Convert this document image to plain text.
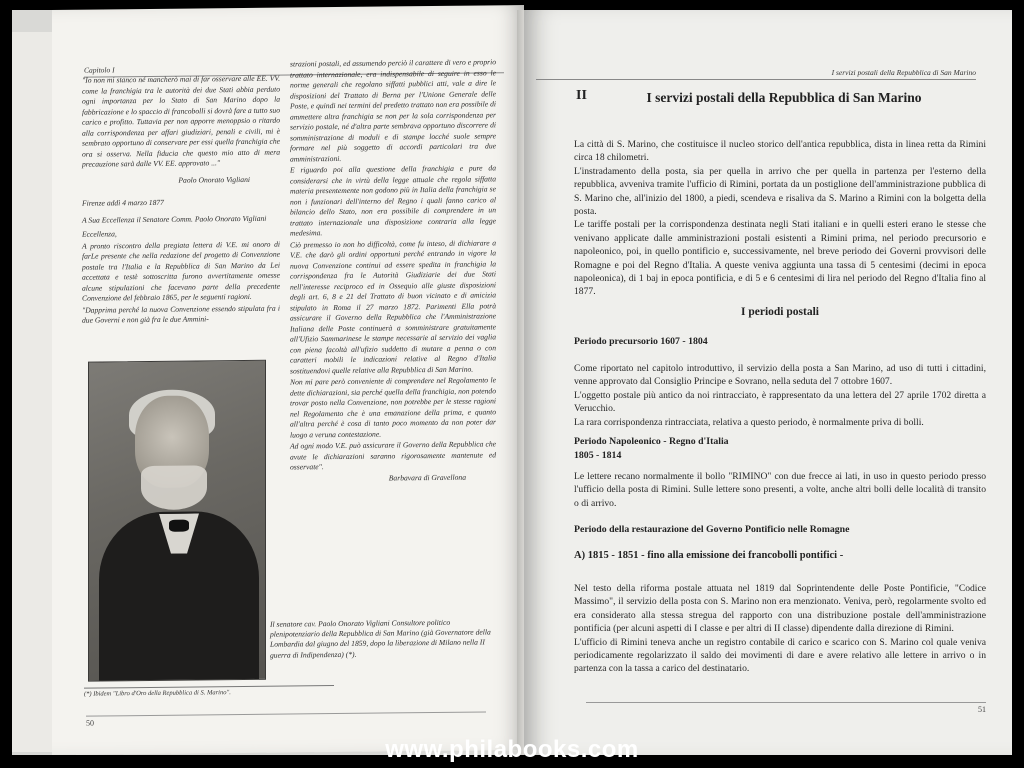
Capitolo I

"Io non mi stanco né mancherò mai di far osservare alle EE. VV. come la franchigia tra le autorità dei due Stati abbia perduto ogni importanza per lo Stato di San Marino dopo la fabbricazione e lo spaccio di francobolli si dovrà fare a tutto suo carico e profitto. Tuttavia per non apporre menoppsio o ritardo alla corrispondenza per affari giudiziari, penali e civili, mi è sembrato opportuno di conservare per essi quella franchigia che ora si osserva. Nella fiducia che questo mio atto di mera precauzione sarà dalle VV. EE. approvato ..."

Paolo Onorato Vigliani

Firenze addì 4 marzo 1877

A Sua Eccellenza il Senatore Comm. Paolo Onorato Vigliani

Eccellenza,

A pronto riscontro della pregiata lettera di V.E. mi onoro di farLe presente che nella redazione del progetto di Convenzione postale tra l'Italia e la Repubblica di San Marino da Lei accettata e testè sottoscritta furono avvertitamente omesse alcune stipulazioni che facevano parte della precedente Convenzione del febbraio 1865, per le seguenti ragioni.

"Dapprima perché la nuova Convenzione essendo stipulata fra i due Governi e non già fra le due Ammini-

strazioni postali, ed assumendo perciò il carattere di vero e proprio trattato internazionale, era indispensabile di seguire in esso le norme generali che regolano siffatti pubblici atti, vale a dire le disposizioni del Trattato di Berna per l'Unione Generale delle Poste, e quindi nei termini del predetto trattato non era possibile di ammettere altra franchigia se non per la sola corrispondenza per servizio postale, né d'altra parte sembrava opportuno discorrere di somministrazione di moduli e di stampe locché suole sempre formare nel più soggetto di accordi particolari tra due amministrazioni.

E riguardo poi alla questione della franchigia e pure da considerarsi che in virtù della legge attuale che regola siffatta materia presentemente non godono più in Italia della franchigia se non i funzionari dell'interno del Regno i quali fanno carico al bilancio dello Stato, non era possibile di comprendere in un trattato internazionale una disposizione contraria alla legge medesima.

Ciò premesso io non ho difficoltà, come fu inteso, di dichiarare a V.E. che darò gli ordini opportuni perché entrando in vigore la nuova Convenzione continui ad essere spedita in franchigia la corrispondenza fra le Autorità Giudiziarie dei due Stati nell'interesse reciproco ed in Ossequio alle giuste disposizioni degli art. 6, 8 e 21 del Trattato di buon vicinato e di amicizia stipulato in Roma il 27 marzo 1872. Parimenti Ella potrà assicurare il Governo della Repubblica che l'Amministrazione Italiana delle Poste continuerà a somministrare gratuitamente all'Ufizio Sammarinese le stampe necessarie al servizio dei vaglia con piena facoltà all'ufizio suddetto di mutare a penna o con caratteri mobili le indicazioni relative al Regno d'Italia sostituendovi quelle relative alla Repubblica di San Marino.

Non mi pare però conveniente di comprendere nel Regolamento le dette dichiarazioni, sia perché quella della franchigia, non potendo trovar posto nella Convenzione, non potrebbe per le stesse ragioni nel Regolamento che è una emanazione della prima, e quanto all'altra perché è cosa di tanto poco momento da non poter dar luogo a veruna contestazione.

Ad ogni modo V.E. può assicurare il Governo della Repubblica che avute le dichiarazioni saranno rigorosamente mantenute ed osservate".

Barbavara di Gravellona

Il senatore cav. Paolo Onorato Vigliani Consultore politico plenipotenziario della Repubblica di San Marino (già Governatore della Lombardia dal giugno del 1859, dopo la liberazione di Milano nella II guerra di Indipendenza) (*).
(*) Ibidem "Libro d'Oro della Repubblica di S. Marino".
50
I servizi postali della Repubblica di San Marino
II	I servizi postali della Repubblica di San Marino

La città di S. Marino, che costituisce il nucleo storico dell'antica repubblica, dista in linea retta da Rimini circa 18 chilometri.

L'instradamento della posta, sia per quella in arrivo che per quella in partenza per l'esterno della repubblica, avveniva tramite l'ufficio di Rimini, portata da un postiglione dell'amministrazione pubblica di S. Marino che, all'inizio del 1800, a piedi, scendeva e risaliva da S. Marino a Rimini con la bolgetta della posta.

Le tariffe postali per la corrispondenza destinata negli Stati italiani e in quelli esteri erano le stesse che venivano applicate dalle amministrazioni postali esistenti a Rimini prima, nel periodo precursorio e napoleonico, poi, in quello pontificio e, successivamente, nel breve periodo dei Governi provvisori delle Romagne e poi del Regno d'Italia. A queste veniva aggiunta una tassa di 5 centesimi (decimi in epoca napoleonica), di 1 baj in epoca pontificia, e di 5 e 6 centesimi di lira nel periodo del Regno d'Italia fino al 1877.

I periodi postali
Periodo precursorio 1607 - 1804

Come riportato nel capitolo introduttivo, il servizio della posta a San Marino, ad uso di tutti i cittadini, venne approvato dal Consiglio Principe e Sovrano, nella seduta del 7 ottobre 1607.

L'oggetto postale più antico da noi rintracciato, è rappresentato da una lettera del 27 aprile 1702 diretta a Verucchio.

La rara corrispondenza rintracciata, relativa a questo periodo, è normalmente priva di bolli.

Periodo Napoleonico - Regno d'Italia
1805 - 1814

Le lettere recano normalmente il bollo "RIMINO" con due frecce ai lati, in uso in questo periodo presso l'ufficio della posta di Rimini. Sulle lettere sono presenti, a volte, anche altri bolli delle località di transito o di arrivo.

Periodo della restaurazione del Governo Pontificio nelle Romagne
A) 1815 - 1851 - fino alla emissione dei francobolli pontifici -

Nel testo della riforma postale attuata nel 1819 dal Soprintendente delle Poste Pontificie, "Codice Massimo", il servizio della posta con S. Marino non era menzionato. Veniva, però, regolarmente svolto ed era considerato alla stessa stregua del rapporto con una distribuzione postale dell'amministrazione pontificia (per alcuni aspetti di I classe e per altri di II classe) dipendente dalla direzione di Rimini.

L'ufficio di Rimini teneva anche un registro contabile di carico e scarico con S. Marino col quale veniva periodicamente regolarizzato il saldo dei movimenti di dare e avere relativo alle lettere in arrivo o in partenza con la tassa a carico del destinatario.

51
www.philabooks.com
